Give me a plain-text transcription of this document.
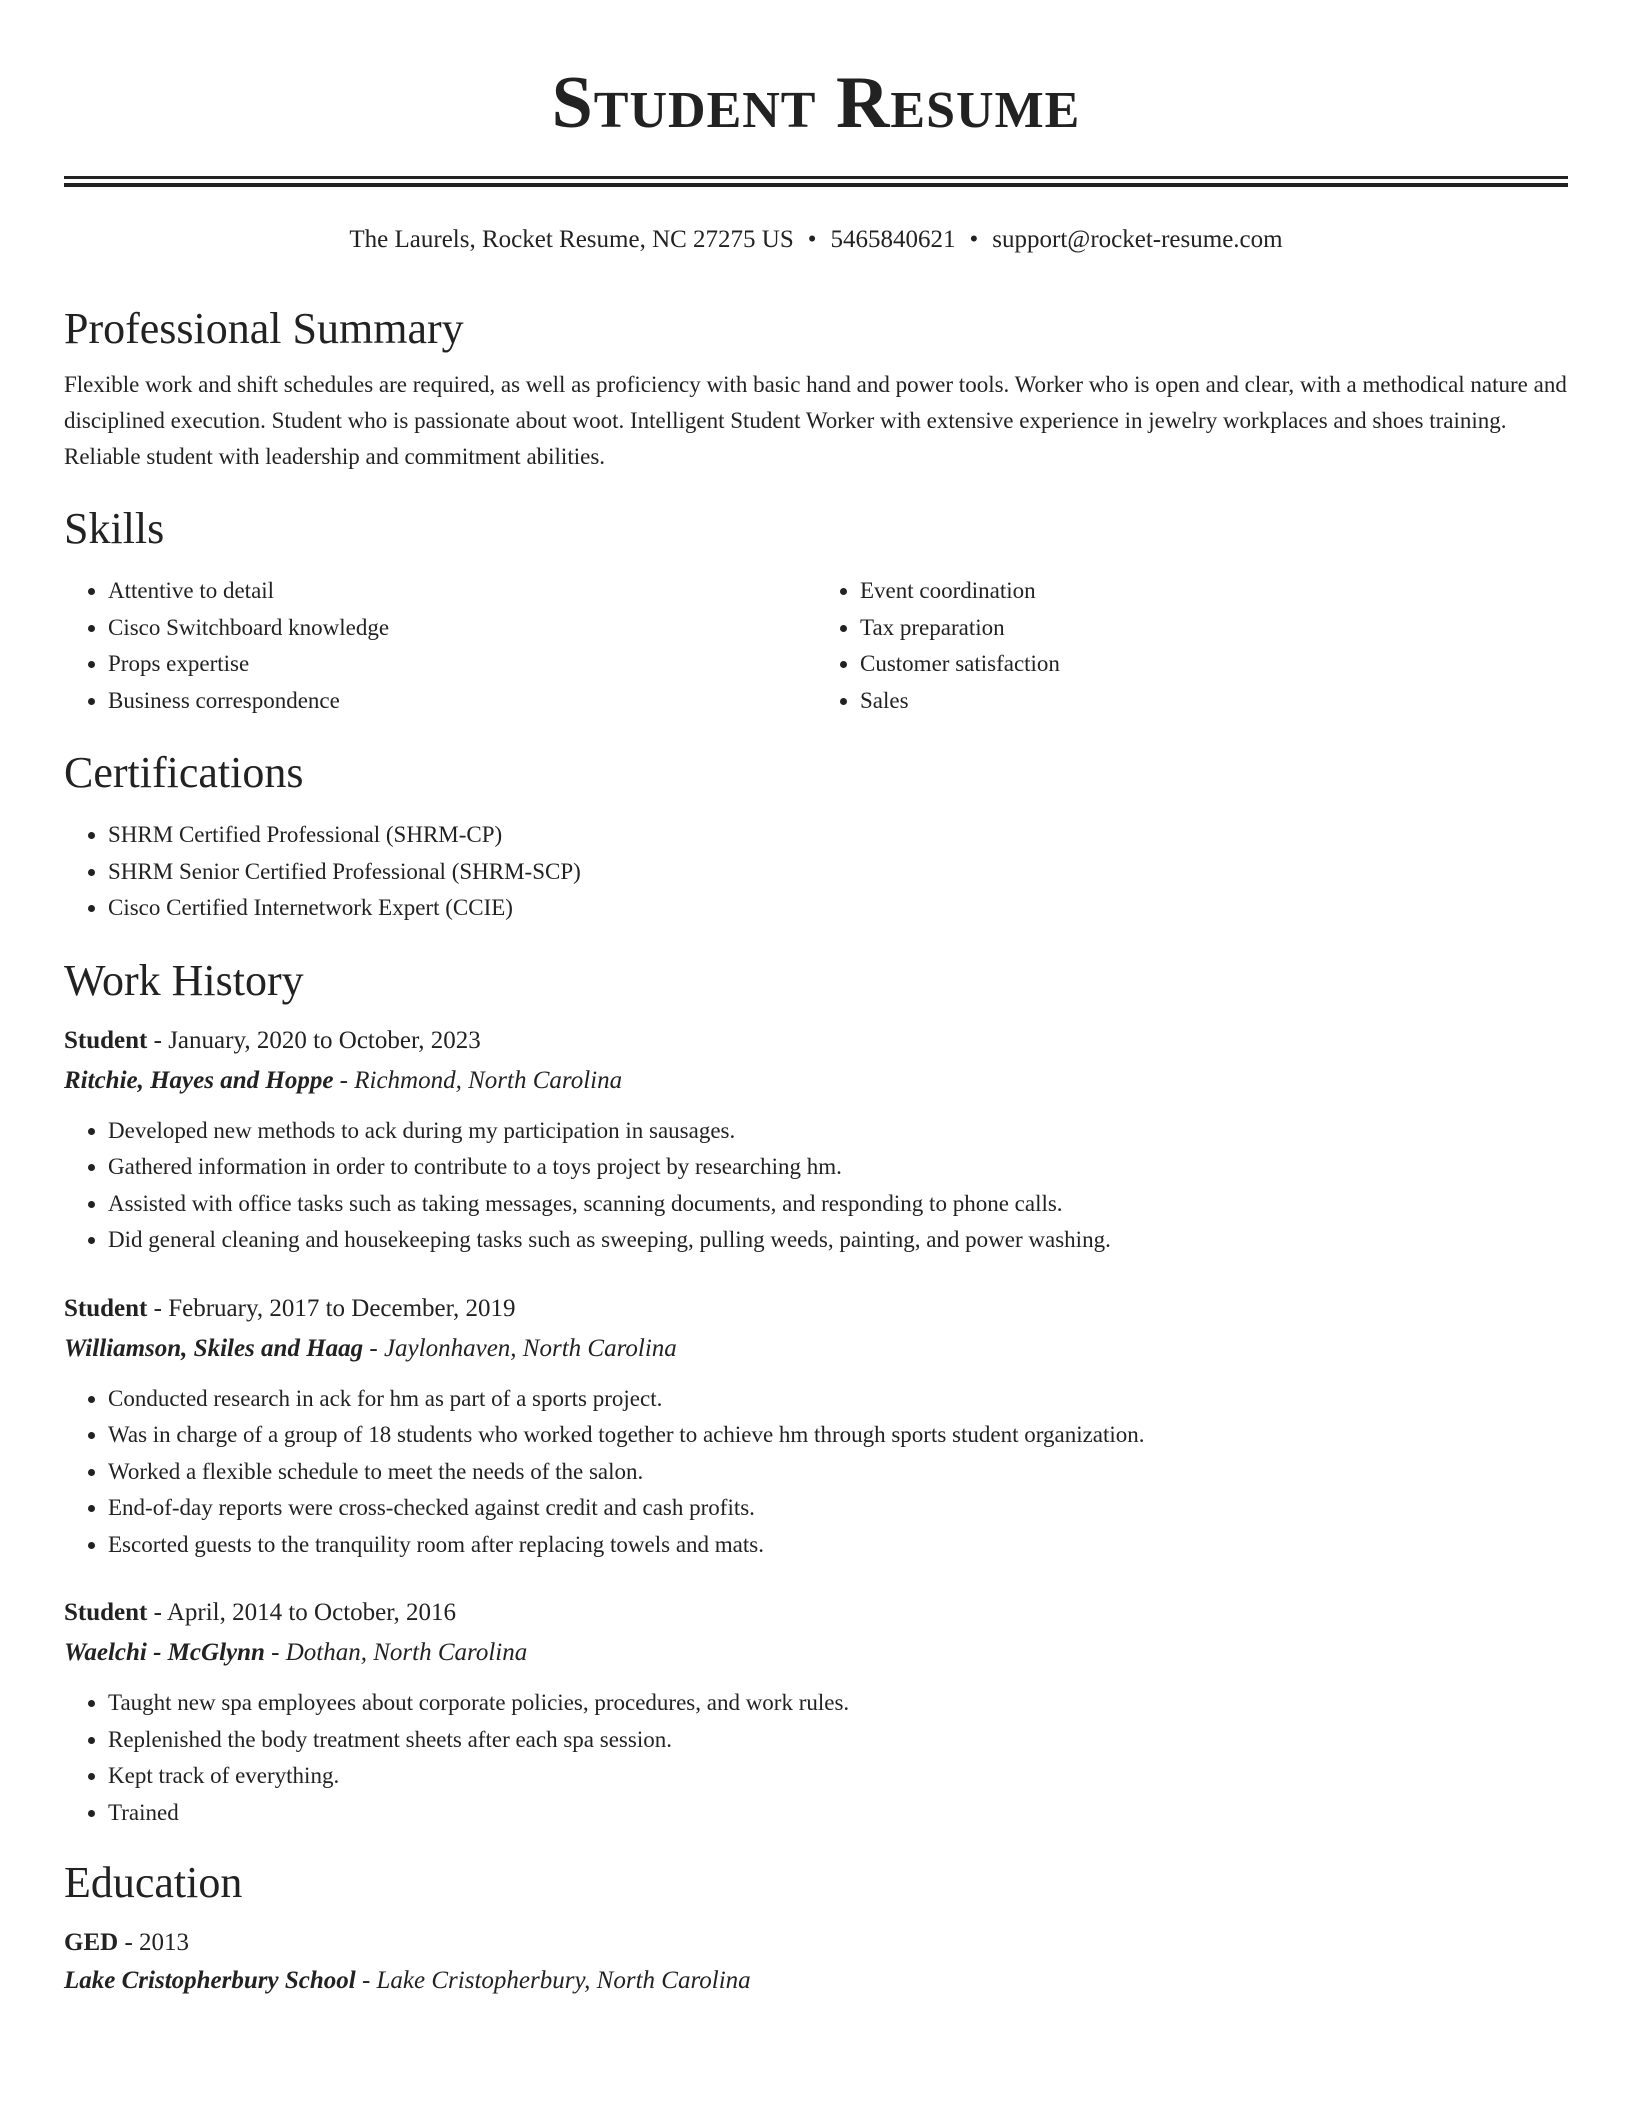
Student Resume
The Laurels, Rocket Resume, NC 27275 US • 5465840621 • support@rocket-resume.com
Professional Summary

Flexible work and shift schedules are required, as well as proficiency with basic hand and power tools. Worker who is open and clear, with a methodical nature and disciplined execution. Student who is passionate about woot. Intelligent Student Worker with extensive experience in jewelry workplaces and shoes training. Reliable student with leadership and commitment abilities.

Skills
• Attentive to detail
• Cisco Switchboard knowledge
• Props expertise
• Business correspondence
• Event coordination
• Tax preparation
• Customer satisfaction
• Sales
Certifications
• SHRM Certified Professional (SHRM-CP)
• SHRM Senior Certified Professional (SHRM-SCP)
• Cisco Certified Internetwork Expert (CCIE)
Work History
Student - January, 2020 to October, 2023
Ritchie, Hayes and Hoppe - Richmond, North Carolina
• Developed new methods to ack during my participation in sausages.
• Gathered information in order to contribute to a toys project by researching hm.
• Assisted with office tasks such as taking messages, scanning documents, and responding to phone calls.
• Did general cleaning and housekeeping tasks such as sweeping, pulling weeds, painting, and power washing.
Student - February, 2017 to December, 2019
Williamson, Skiles and Haag - Jaylonhaven, North Carolina
• Conducted research in ack for hm as part of a sports project.
• Was in charge of a group of 18 students who worked together to achieve hm through sports student organization.
• Worked a flexible schedule to meet the needs of the salon.
• End-of-day reports were cross-checked against credit and cash profits.
• Escorted guests to the tranquility room after replacing towels and mats.
Student - April, 2014 to October, 2016
Waelchi - McGlynn - Dothan, North Carolina
• Taught new spa employees about corporate policies, procedures, and work rules.
• Replenished the body treatment sheets after each spa session.
• Kept track of everything.
• Trained
Education
GED - 2013
Lake Cristopherbury School - Lake Cristopherbury, North Carolina
